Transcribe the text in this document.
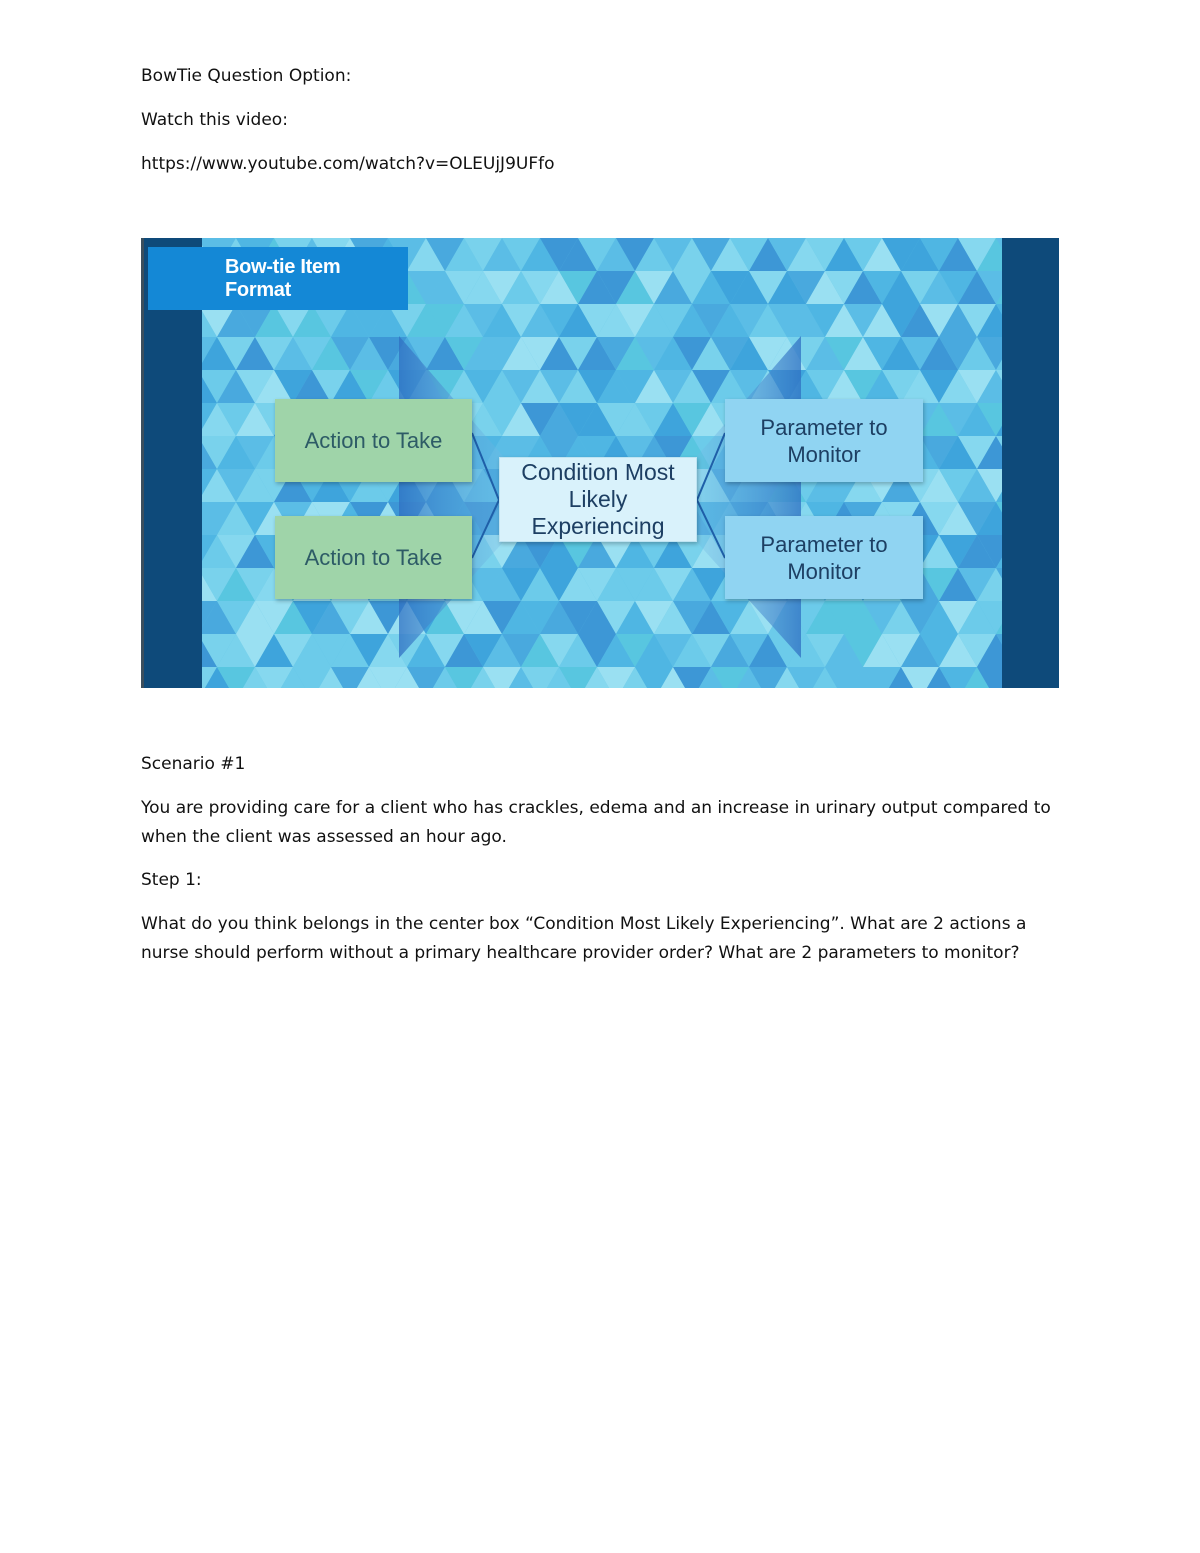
BowTie Question Option:
Watch this video:
https://www.youtube.com/watch?v=OLEUjJ9UFfo
Bow-tie Item Format
Action to Take
Action to Take
Condition Most Likely Experiencing
Parameter to Monitor
Parameter to Monitor
Scenario #1
You are providing care for a client who has crackles, edema and an increase in urinary output compared to when the client was assessed an hour ago.
Step 1:
What do you think belongs in the center box “Condition Most Likely Experiencing”. What are 2 actions a nurse should perform without a primary healthcare provider order? What are 2 parameters to monitor?
